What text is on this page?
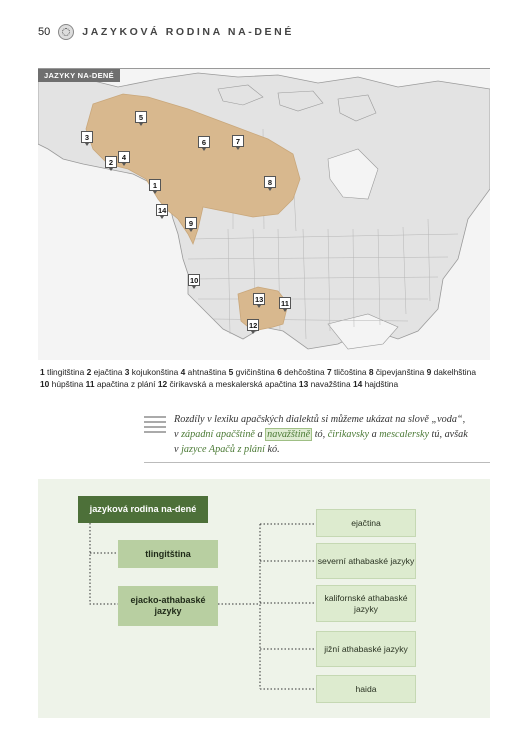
50	JAZYKOVÁ RODINA NA-DENÉ
JAZYKY NA-DENÉ
3
5
4
2
6	7
8
1
14
9
10
13 11
12
1 tlingitština 2 ejačtina 3 kojukonština 4 ahtnaština 5 gvičinština 6 dehčoština 7 tličoština 8 čipevjanština 9 dakelhština
10 húpština 11 apačtina z plání 12 čirikavská a meskalerská apačtina 13 navažština 14 hajdština
Rozdíly v lexiku apačských dialektů si můžeme ukázat na slově „voda“,
v západní apačštině a navažštině tó, čirikavsky a mescalersky tú, avšak
v jazyce Apačů z plání kó.
jazyková rodina na-dené
tlingitština
ejacko-athabaské jazyky
ejačtina
severní athabaské jazyky
kalifornské athabaské jazyky
jižní athabaské jazyky
haida
